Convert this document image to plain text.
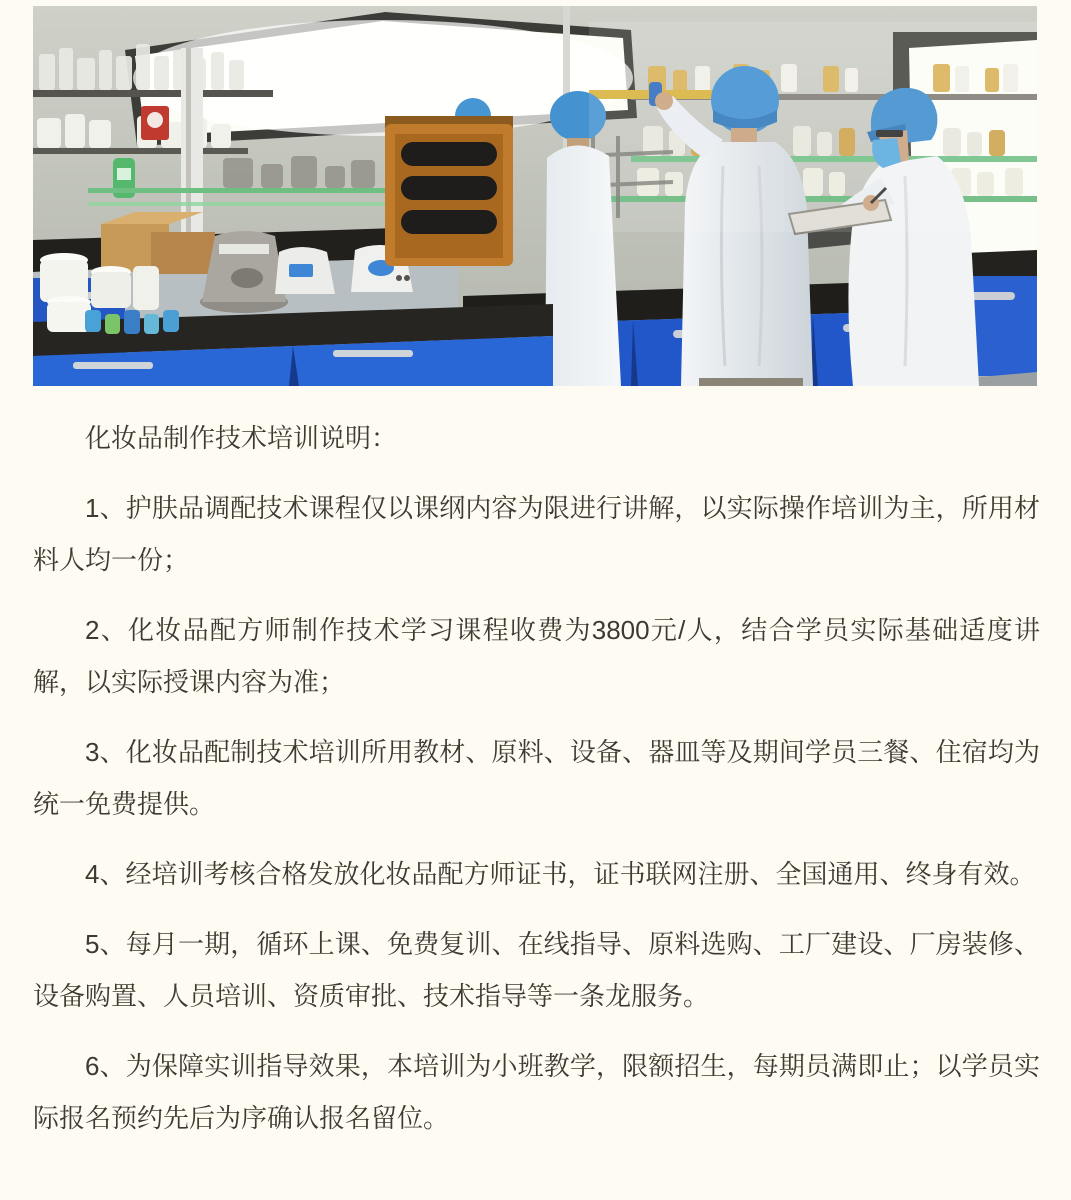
化妆品制作技术培训说明：

1、护肤品调配技术课程仅以课纲内容为限进行讲解，以实际操作培训为主，所用材料人均一份；

2、化妆品配方师制作技术学习课程收费为3800元/人，结合学员实际基础适度讲解，以实际授课内容为准；

3、化妆品配制技术培训所用教材、原料、设备、器皿等及期间学员三餐、住宿均为统一免费提供。

4、经培训考核合格发放化妆品配方师证书，证书联网注册、全国通用、终身有效。

5、每月一期，循环上课、免费复训、在线指导、原料选购、工厂建设、厂房装修、设备购置、人员培训、资质审批、技术指导等一条龙服务。

6、为保障实训指导效果，本培训为小班教学，限额招生，每期员满即止；以学员实际报名预约先后为序确认报名留位。
